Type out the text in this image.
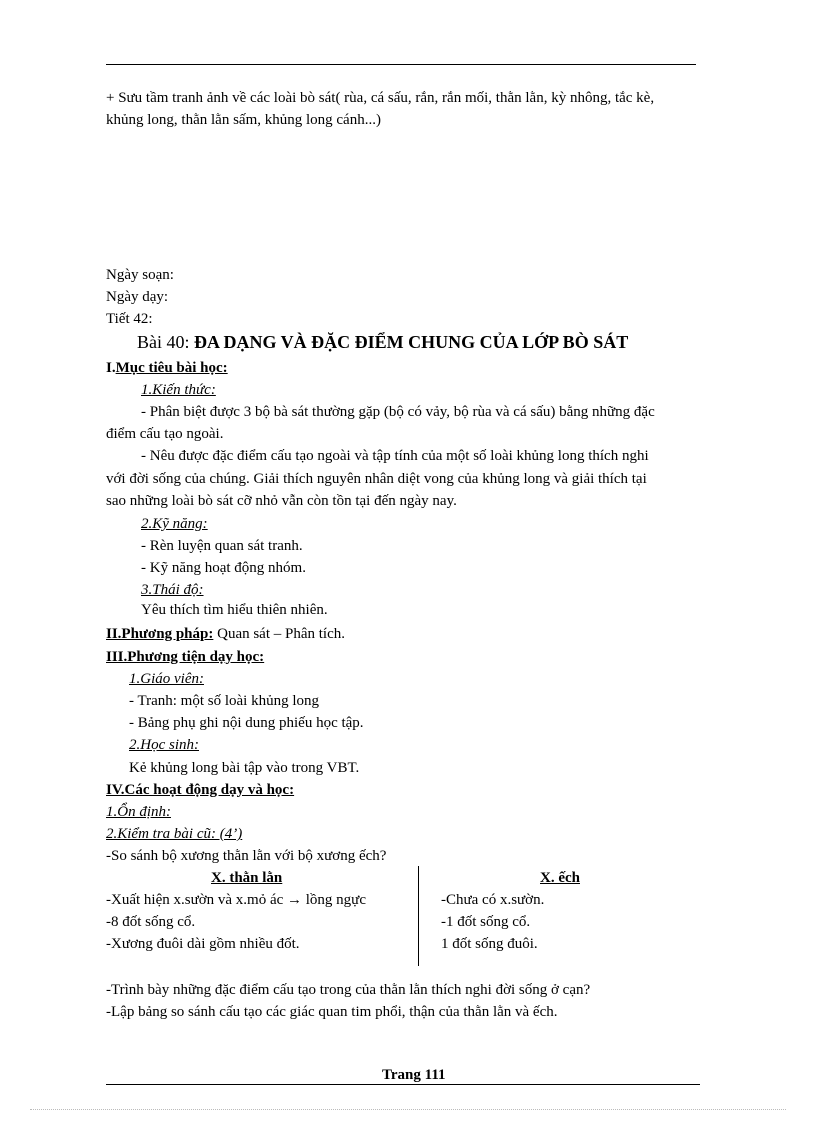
+ Sưu tầm tranh ảnh về các loài bò sát( rùa, cá sấu, rắn, rắn mối, thằn lằn, kỳ nhông, tắc kè,
khủng long, thằn lằn sấm, khủng long cánh...)
Ngày soạn:
Ngày dạy:
Tiết 42:
Bài 40: ĐA DẠNG VÀ ĐẶC ĐIỂM CHUNG CỦA LỚP BÒ SÁT
I.Mục tiêu bài học:
1.Kiến thức:
- Phân biệt được 3 bộ bà sát thường gặp (bộ có vảy, bộ rùa và cá sấu) bằng những đặc
điểm cấu tạo ngoài.
- Nêu được đặc điểm cấu tạo ngoài và tập tính của một số loài khủng long thích nghi
với đời sống của chúng. Giải thích nguyên nhân diệt vong của khủng long và giải thích tại
sao những loài bò sát cỡ nhỏ vẫn còn tồn tại đến ngày nay.
2.Kỹ năng:
- Rèn luyện quan sát tranh.
- Kỹ năng hoạt động nhóm.
3.Thái độ:
Yêu thích tìm hiểu thiên nhiên.
II.Phương pháp: Quan sát – Phân tích.
III.Phương tiện dạy học:
1.Giáo viên:
- Tranh: một số loài khủng long
- Bảng phụ ghi nội dung phiếu học tập.
2.Học sinh:
Kẻ khủng long bài tập vào trong VBT.
IV.Các hoạt động dạy và học:
1.Ổn định:
2.Kiểm tra bài cũ: (4’)
-So sánh bộ xương thằn lằn với bộ xương ếch?
X. thằn lằn
-Xuất hiện x.sườn và x.mỏ ác → lồng ngực
-8 đốt sống cổ.
-Xương đuôi dài gồm nhiều đốt.
X. ếch
-Chưa có x.sườn.
-1 đốt sống cổ.
1 đốt sống đuôi.
-Trình bày những đặc điểm cấu tạo trong của thằn lằn thích nghi đời sống ở cạn?
-Lập bảng so sánh cấu tạo các giác quan tim phổi, thận của thằn lằn và ếch.
Trang 111
